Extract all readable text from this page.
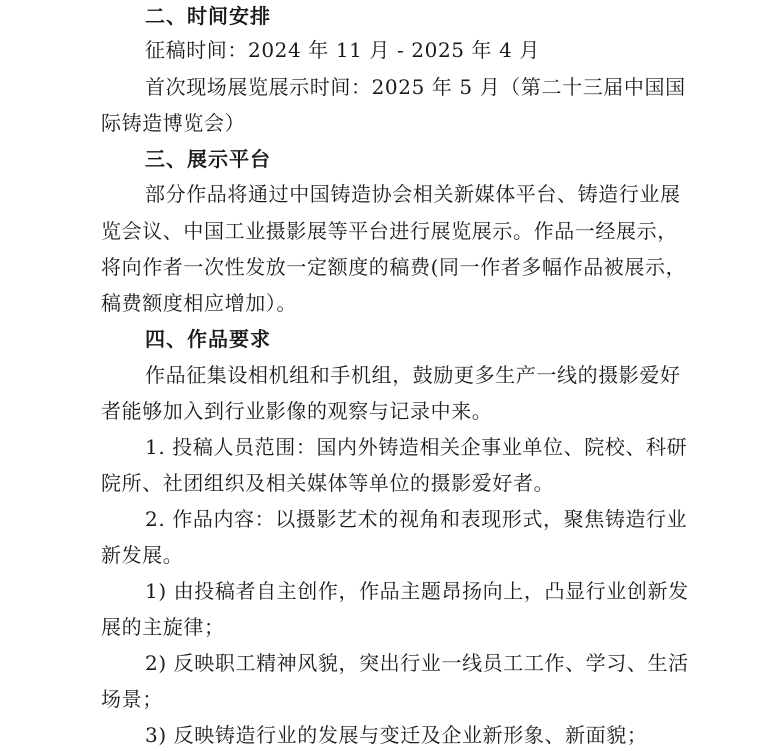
二、时间安排
征稿时间：2024 年 11 月 - 2025 年 4 月
首次现场展览展示时间：2025 年 5 月（第二十三届中国国
际铸造博览会）
三、展示平台
部分作品将通过中国铸造协会相关新媒体平台、铸造行业展
览会议、中国工业摄影展等平台进行展览展示。作品一经展示，
将向作者一次性发放一定额度的稿费(同一作者多幅作品被展示，
稿费额度相应增加）。
四、作品要求
作品征集设相机组和手机组，鼓励更多生产一线的摄影爱好
者能够加入到行业影像的观察与记录中来。
1. 投稿人员范围：国内外铸造相关企事业单位、院校、科研
院所、社团组织及相关媒体等单位的摄影爱好者。
2. 作品内容：以摄影艺术的视角和表现形式，聚焦铸造行业
新发展。
1) 由投稿者自主创作，作品主题昂扬向上，凸显行业创新发
展的主旋律；
2) 反映职工精神风貌，突出行业一线员工工作、学习、生活
场景；
3) 反映铸造行业的发展与变迁及企业新形象、新面貌；
